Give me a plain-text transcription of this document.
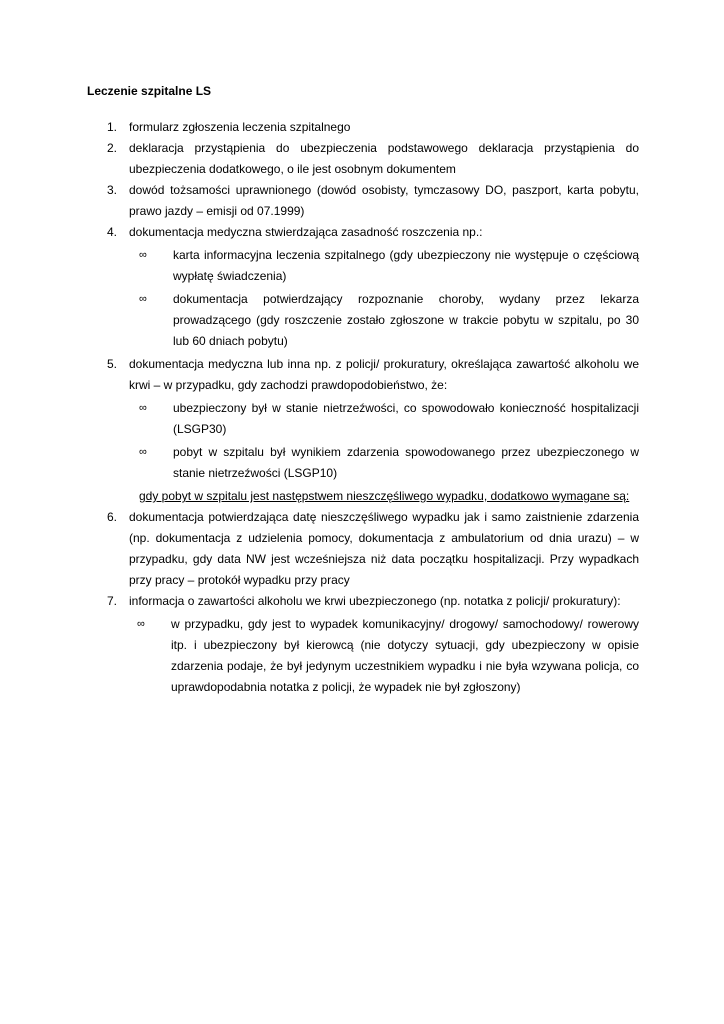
Leczenie szpitalne LS
1. formularz zgłoszenia leczenia szpitalnego
2. deklaracja przystąpienia do ubezpieczenia podstawowego deklaracja przystąpienia do ubezpieczenia dodatkowego, o ile jest osobnym dokumentem
3. dowód tożsamości uprawnionego (dowód osobisty, tymczasowy DO, paszport, karta pobytu, prawo jazdy – emisji od 07.1999)
4. dokumentacja medyczna stwierdzająca zasadność roszczenia np.:
∞ karta informacyjna leczenia szpitalnego (gdy ubezpieczony nie występuje o częściową wypłatę świadczenia)
∞ dokumentacja potwierdzający rozpoznanie choroby, wydany przez lekarza prowadzącego (gdy roszczenie zostało zgłoszone w trakcie pobytu w szpitalu, po 30 lub 60 dniach pobytu)
5. dokumentacja medyczna lub inna np. z policji/ prokuratury, określająca zawartość alkoholu we krwi – w przypadku, gdy zachodzi prawdopodobieństwo, że:
∞ ubezpieczony był w stanie nietrzeźwości, co spowodowało konieczność hospitalizacji (LSGP30)
∞ pobyt w szpitalu był wynikiem zdarzenia spowodowanego przez ubezpieczonego w stanie nietrzeźwości (LSGP10)
gdy pobyt w szpitalu jest następstwem nieszczęśliwego wypadku, dodatkowo wymagane są:
6. dokumentacja potwierdzająca datę nieszczęśliwego wypadku jak i samo zaistnienie zdarzenia (np. dokumentacja z udzielenia pomocy, dokumentacja z ambulatorium od dnia urazu) – w przypadku, gdy data NW jest wcześniejsza niż data początku hospitalizacji. Przy wypadkach przy pracy – protokół wypadku przy pracy
7. informacja o zawartości alkoholu we krwi ubezpieczonego (np. notatka z policji/ prokuratury):
∞ w przypadku, gdy jest to wypadek komunikacyjny/ drogowy/ samochodowy/ rowerowy itp. i ubezpieczony był kierowcą (nie dotyczy sytuacji, gdy ubezpieczony w opisie zdarzenia podaje, że był jedynym uczestnikiem wypadku i nie była wzywana policja, co uprawdopodabnia notatka z policji, że wypadek nie był zgłoszony)
